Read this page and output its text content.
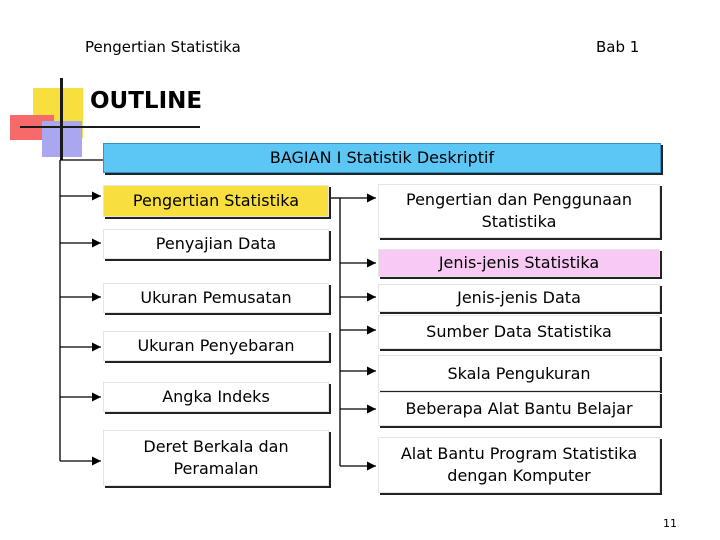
Pengertian Statistika	Bab 1
OUTLINE
BAGIAN I Statistik Deskriptif
Pengertian Statistika
Penyajian Data
Ukuran Pemusatan
Ukuran Penyebaran
Angka Indeks
Deret Berkala dan Peramalan
Pengertian dan Penggunaan Statistika
Jenis-jenis Statistika
Jenis-jenis Data
Sumber Data Statistika
Skala Pengukuran
Beberapa Alat Bantu Belajar
Alat Bantu Program Statistika dengan Komputer
11
